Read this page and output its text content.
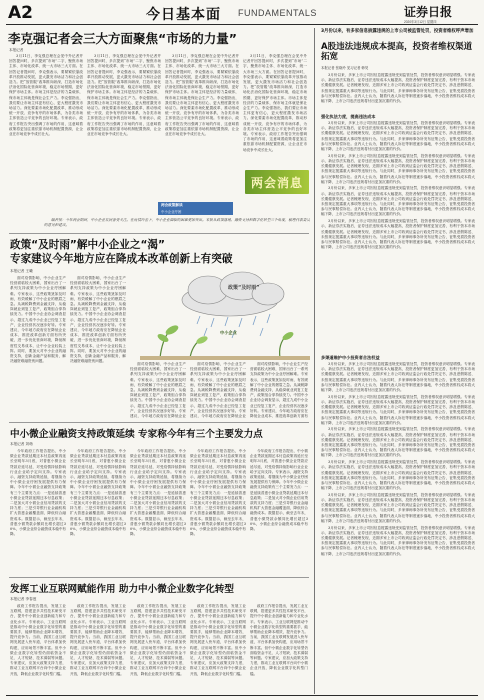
A2	今日基本面 FUNDAMENTALS	证券日报
2020年3月12日 星期四
李克强记者会三大方面聚焦“市场的力量”
本报记者

3月11日，李克强总理在会见中外记者并回答提问时，多次提到“市场”二字，聚焦市场主体、市场化改革、统一大市场三大方面。在回答记者提问时，李克强表示，要紧紧依靠改革开放推动发展，更大激发市场活力和社会创造力。把“放管服”改革推向纵深，打造市场化法治化国际化营商环境，稳定市场预期，更好保护市场主体。市场主体是经济的力量载体，保市场主体就是保社会生产力。李克强指出，我们要让市场主体更有信心，更大程度激发市场活力。深化要素市场化配置改革，推动形成统一开放、竞争有序的市场体系，为各类市场主体营造公平竞争的良好环境。专家表示，政府工作报告突出强调了市场的作用，这意味着政策将更加注重依靠市场机制配置资源，让企业在市场竞争中成长壮大。

3月11日，李克强总理在会见中外记者并回答提问时，多次提到“市场”二字，聚焦市场主体、市场化改革、统一大市场三大方面。在回答记者提问时，李克强表示，要紧紧依靠改革开放推动发展，更大激发市场活力和社会创造力。把“放管服”改革推向纵深，打造市场化法治化国际化营商环境，稳定市场预期，更好保护市场主体。市场主体是经济的力量载体，保市场主体就是保社会生产力。李克强指出，我们要让市场主体更有信心，更大程度激发市场活力。深化要素市场化配置改革，推动形成统一开放、竞争有序的市场体系，为各类市场主体营造公平竞争的良好环境。专家表示，政府工作报告突出强调了市场的作用，这意味着政策将更加注重依靠市场机制配置资源，让企业在市场竞争中成长壮大。

3月11日，李克强总理在会见中外记者并回答提问时，多次提到“市场”二字，聚焦市场主体、市场化改革、统一大市场三大方面。在回答记者提问时，李克强表示，要紧紧依靠改革开放推动发展，更大激发市场活力和社会创造力。把“放管服”改革推向纵深，打造市场化法治化国际化营商环境，稳定市场预期，更好保护市场主体。市场主体是经济的力量载体，保市场主体就是保社会生产力。李克强指出，我们要让市场主体更有信心，更大程度激发市场活力。深化要素市场化配置改革，推动形成统一开放、竞争有序的市场体系，为各类市场主体营造公平竞争的良好环境。专家表示，政府工作报告突出强调了市场的作用，这意味着政策将更加注重依靠市场机制配置资源，让企业在市场竞争中成长壮大。

3月11日，李克强总理在会见中外记者并回答提问时，多次提到“市场”二字，聚焦市场主体、市场化改革、统一大市场三大方面。在回答记者提问时，李克强表示，要紧紧依靠改革开放推动发展，更大激发市场活力和社会创造力。把“放管服”改革推向纵深，打造市场化法治化国际化营商环境，稳定市场预期，更好保护市场主体。市场主体是经济的力量载体，保市场主体就是保社会生产力。李克强指出，我们要让市场主体更有信心，更大程度激发市场活力。深化要素市场化配置改革，推动形成统一开放、竞争有序的市场体系，为各类市场主体营造公平竞争的良好环境。专家表示，政府工作报告突出强调了市场的作用，这意味着政策将更加注重依靠市场机制配置资源，让企业在市场竞争中成长壮大。

3月份以来，有多家信息披露违规的上市公司被监管处罚，投资者维权呼声增加
A股违法违规成本提高，投资者维权渠道拓宽
本报记者 张晓玲 见习记者 韩昊

3月份以来，多家上市公司因信息披露违规受到监管处罚，投资者维权意识明显增强。专家表示，新证券法实施后，证券违法违规成本大幅提高，投资者保护制度更加完善，有利于资本市场长期健康发展。记者梳理发现，近期多家上市公司收到证监会行政处罚决定书，涉及虚假陈述、未按规定披露重大事项等违规行为。与此同时，多家律师事务所发布征集公告，征集受损投资者参与民事赔偿诉讼。业内人士认为，随着代表人诉讼等制度逐步落地，中小投资者维权成本将大幅下降，上市公司违法违规将付出更加沉重的代价。

强化执法力度，提高违法成本

3月份以来，多家上市公司因信息披露违规受到监管处罚，投资者维权意识明显增强。专家表示，新证券法实施后，证券违法违规成本大幅提高，投资者保护制度更加完善，有利于资本市场长期健康发展。记者梳理发现，近期多家上市公司收到证监会行政处罚决定书，涉及虚假陈述、未按规定披露重大事项等违规行为。与此同时，多家律师事务所发布征集公告，征集受损投资者参与民事赔偿诉讼。业内人士认为，随着代表人诉讼等制度逐步落地，中小投资者维权成本将大幅下降，上市公司违法违规将付出更加沉重的代价。

3月份以来，多家上市公司因信息披露违规受到监管处罚，投资者维权意识明显增强。专家表示，新证券法实施后，证券违法违规成本大幅提高，投资者保护制度更加完善，有利于资本市场长期健康发展。记者梳理发现，近期多家上市公司收到证监会行政处罚决定书，涉及虚假陈述、未按规定披露重大事项等违规行为。与此同时，多家律师事务所发布征集公告，征集受损投资者参与民事赔偿诉讼。业内人士认为，随着代表人诉讼等制度逐步落地，中小投资者维权成本将大幅下降，上市公司违法违规将付出更加沉重的代价。

3月份以来，多家上市公司因信息披露违规受到监管处罚，投资者维权意识明显增强。专家表示，新证券法实施后，证券违法违规成本大幅提高，投资者保护制度更加完善，有利于资本市场长期健康发展。记者梳理发现，近期多家上市公司收到证监会行政处罚决定书，涉及虚假陈述、未按规定披露重大事项等违规行为。与此同时，多家律师事务所发布征集公告，征集受损投资者参与民事赔偿诉讼。业内人士认为，随着代表人诉讼等制度逐步落地，中小投资者维权成本将大幅下降，上市公司违法违规将付出更加沉重的代价。

3月份以来，多家上市公司因信息披露违规受到监管处罚，投资者维权意识明显增强。专家表示，新证券法实施后，证券违法违规成本大幅提高，投资者保护制度更加完善，有利于资本市场长期健康发展。记者梳理发现，近期多家上市公司收到证监会行政处罚决定书，涉及虚假陈述、未按规定披露重大事项等违规行为。与此同时，多家律师事务所发布征集公告，征集受损投资者参与民事赔偿诉讼。业内人士认为，随着代表人诉讼等制度逐步落地，中小投资者维权成本将大幅下降，上市公司违法违规将付出更加沉重的代价。

多渠道维护中小投资者合法权益

3月份以来，多家上市公司因信息披露违规受到监管处罚，投资者维权意识明显增强。专家表示，新证券法实施后，证券违法违规成本大幅提高，投资者保护制度更加完善，有利于资本市场长期健康发展。记者梳理发现，近期多家上市公司收到证监会行政处罚决定书，涉及虚假陈述、未按规定披露重大事项等违规行为。与此同时，多家律师事务所发布征集公告，征集受损投资者参与民事赔偿诉讼。业内人士认为，随着代表人诉讼等制度逐步落地，中小投资者维权成本将大幅下降，上市公司违法违规将付出更加沉重的代价。

3月份以来，多家上市公司因信息披露违规受到监管处罚，投资者维权意识明显增强。专家表示，新证券法实施后，证券违法违规成本大幅提高，投资者保护制度更加完善，有利于资本市场长期健康发展。记者梳理发现，近期多家上市公司收到证监会行政处罚决定书，涉及虚假陈述、未按规定披露重大事项等违规行为。与此同时，多家律师事务所发布征集公告，征集受损投资者参与民事赔偿诉讼。业内人士认为，随着代表人诉讼等制度逐步落地，中小投资者维权成本将大幅下降，上市公司违法违规将付出更加沉重的代价。

3月份以来，多家上市公司因信息披露违规受到监管处罚，投资者维权意识明显增强。专家表示，新证券法实施后，证券违法违规成本大幅提高，投资者保护制度更加完善，有利于资本市场长期健康发展。记者梳理发现，近期多家上市公司收到证监会行政处罚决定书，涉及虚假陈述、未按规定披露重大事项等违规行为。与此同时，多家律师事务所发布征集公告，征集受损投资者参与民事赔偿诉讼。业内人士认为，随着代表人诉讼等制度逐步落地，中小投资者维权成本将大幅下降，上市公司违法违规将付出更加沉重的代价。

3月份以来，多家上市公司因信息披露违规受到监管处罚，投资者维权意识明显增强。专家表示，新证券法实施后，证券违法违规成本大幅提高，投资者保护制度更加完善，有利于资本市场长期健康发展。记者梳理发现，近期多家上市公司收到证监会行政处罚决定书，涉及虚假陈述、未按规定披露重大事项等违规行为。与此同时，多家律师事务所发布征集公告，征集受损投资者参与民事赔偿诉讼。业内人士认为，随着代表人诉讼等制度逐步落地，中小投资者维权成本将大幅下降，上市公司违法违规将付出更加沉重的代价。

3月份以来，多家上市公司因信息披露违规受到监管处罚，投资者维权意识明显增强。专家表示，新证券法实施后，证券违法违规成本大幅提高，投资者保护制度更加完善，有利于资本市场长期健康发展。记者梳理发现，近期多家上市公司收到证监会行政处罚决定书，涉及虚假陈述、未按规定披露重大事项等违规行为。与此同时，多家律师事务所发布征集公告，征集受损投资者参与民事赔偿诉讼。业内人士认为，随着代表人诉讼等制度逐步落地，中小投资者维权成本将大幅下降，上市公司违法违规将付出更加沉重的代价。

3月份以来，多家上市公司因信息披露违规受到监管处罚，投资者维权意识明显增强。专家表示，新证券法实施后，证券违法违规成本大幅提高，投资者保护制度更加完善，有利于资本市场长期健康发展。记者梳理发现，近期多家上市公司收到证监会行政处罚决定书，涉及虚假陈述、未按规定披露重大事项等违规行为。与此同时，多家律师事务所发布征集公告，征集受损投资者参与民事赔偿诉讼。业内人士认为，随着代表人诉讼等制度逐步落地，中小投资者维权成本将大幅下降，上市公司违法违规将付出更加沉重的代价。

两会消息
两会政策解读
中小企业纾困

编者按：今年两会期间，中小企业发展备受关注。在疫情冲击下，中小企业面临的困难更加突出。本报从政策落地、融资支持和数字化转型三个角度，梳理代表委员的意见和建议。

政策“及时雨”解中小企业之“渴”
专家建议今年地方应在降成本改革创新上有突破
本报记者 王曦

面对疫情影响，中小企业生产经营面临较大困难，国家出台了一系列支持政策为中小企业纾困解难。专家表示，这些政策犹如及时雨，有效缓解了中小企业的燃眉之急。从减税降费到金融支持，从稳岗就业到复工复产，政策组合拳持续发力。中国中小企业协会调查显示，超过九成中小企业已经复工复产，企业经营状况逐步好转。专家建议，今年地方政府应在降低企业成本、推进改革创新方面有所突破，进一步优化营商环境，降低制度性交易成本，让中小企业轻装上阵。同时，要加大对中小企业的融资支持，创新金融产品和服务，解决融资难融资贵问题。

面对疫情影响，中小企业生产经营面临较大困难，国家出台了一系列支持政策为中小企业纾困解难。专家表示，这些政策犹如及时雨，有效缓解了中小企业的燃眉之急。从减税降费到金融支持，从稳岗就业到复工复产，政策组合拳持续发力。中国中小企业协会调查显示，超过九成中小企业已经复工复产，企业经营状况逐步好转。专家建议，今年地方政府应在降低企业成本、推进改革创新方面有所突破，进一步优化营商环境，降低制度性交易成本，让中小企业轻装上阵。同时，要加大对中小企业的融资支持，创新金融产品和服务，解决融资难融资贵问题。

政策“及时雨”
中小企业

面对疫情影响，中小企业生产经营面临较大困难，国家出台了一系列支持政策为中小企业纾困解难。专家表示，这些政策犹如及时雨，有效缓解了中小企业的燃眉之急。从减税降费到金融支持，从稳岗就业到复工复产，政策组合拳持续发力。中国中小企业协会调查显示，超过九成中小企业已经复工复产，企业经营状况逐步好转。专家建议，今年地方政府应在降低企业

面对疫情影响，中小企业生产经营面临较大困难，国家出台了一系列支持政策为中小企业纾困解难。专家表示，这些政策犹如及时雨，有效缓解了中小企业的燃眉之急。从减税降费到金融支持，从稳岗就业到复工复产，政策组合拳持续发力。中国中小企业协会调查显示，超过九成中小企业已经复工复产，企业经营状况逐步好转。专家建议，今年地方政府应在降低企业

面对疫情影响，中小企业生产经营面临较大困难，国家出台了一系列支持政策为中小企业纾困解难。专家表示，这些政策犹如及时雨，有效缓解了中小企业的燃眉之急。从减税降费到金融支持，从稳岗就业到复工复产，政策组合拳持续发力。中国中小企业协会调查显示，超过九成中小企业已经复工复产，企业经营状况逐步好转。专家建议，今年地方政府应在降低企业成本、推进改革创新方面有

中小微企业融资支持政策延续 专家称今年有三个主要发力点
本报记者 刘萌

今年政府工作报告提出，中小微企业贷款延期还本付息政策再延长至明年3月底，对普惠小微企业贷款应延尽延，对受疫情持续影响行业企业给予定向支持。专家表示，融资支持政策延续，将继续为中小微企业纾困发展提供有力保障。今年中小微企业融资支持政策有三个主要发力点：一是延续普惠小微企业贷款延期还本付息政策；二是加大对小微企业信用贷款的支持力度；三是引导银行业金融机构扩大普惠金融覆盖面，降低综合融资成本。数据显示，截至去年末，普惠小微贷款余额同比增长超过30%，小微企业综合融资成本稳中有降。

今年政府工作报告提出，中小微企业贷款延期还本付息政策再延长至明年3月底，对普惠小微企业贷款应延尽延，对受疫情持续影响行业企业给予定向支持。专家表示，融资支持政策延续，将继续为中小微企业纾困发展提供有力保障。今年中小微企业融资支持政策有三个主要发力点：一是延续普惠小微企业贷款延期还本付息政策；二是加大对小微企业信用贷款的支持力度；三是引导银行业金融机构扩大普惠金融覆盖面，降低综合融资成本。数据显示，截至去年末，普惠小微贷款余额同比增长超过30%，小微企业综合融资成本稳中有降。

今年政府工作报告提出，中小微企业贷款延期还本付息政策再延长至明年3月底，对普惠小微企业贷款应延尽延，对受疫情持续影响行业企业给予定向支持。专家表示，融资支持政策延续，将继续为中小微企业纾困发展提供有力保障。今年中小微企业融资支持政策有三个主要发力点：一是延续普惠小微企业贷款延期还本付息政策；二是加大对小微企业信用贷款的支持力度；三是引导银行业金融机构扩大普惠金融覆盖面，降低综合融资成本。数据显示，截至去年末，普惠小微贷款余额同比增长超过30%，小微企业综合融资成本稳中有降。

今年政府工作报告提出，中小微企业贷款延期还本付息政策再延长至明年3月底，对普惠小微企业贷款应延尽延，对受疫情持续影响行业企业给予定向支持。专家表示，融资支持政策延续，将继续为中小微企业纾困发展提供有力保障。今年中小微企业融资支持政策有三个主要发力点：一是延续普惠小微企业贷款延期还本付息政策；二是加大对小微企业信用贷款的支持力度；三是引导银行业金融机构扩大普惠金融覆盖面，降低综合融资成本。数据显示，截至去年末，普惠小微贷款余额同比增长超过30%，小微企业综合融资成本稳中有降。

今年政府工作报告提出，中小微企业贷款延期还本付息政策再延长至明年3月底，对普惠小微企业贷款应延尽延，对受疫情持续影响行业企业给予定向支持。专家表示，融资支持政策延续，将继续为中小微企业纾困发展提供有力保障。今年中小微企业融资支持政策有三个主要发力点：一是延续普惠小微企业贷款延期还本付息政策；二是加大对小微企业信用贷款的支持力度；三是引导银行业金融机构扩大普惠金融覆盖面，降低综合融资成本。数据显示，截至去年末，普惠小微贷款余额同比增长超过30%，小微企业综合融资成本稳中有降。

发挥工业互联网赋能作用 助力中小微企业数字化转型
本报记者 李春莲

政府工作报告提出，发展工业互联网，搭建更多共性技术研发平台，提升中小微企业创新能力和专业化水平。专家表示，工业互联网是推动中小微企业数字化转型的重要抓手，能够帮助企业降本增效，提升竞争力。当前，我国工业互联网发展进入快车道，平台体系加快构建，应用场景不断丰富。但中小微企业数字化转型仍面临资金不足、人才短缺、技术薄弱等问题。专家建议，应加大政策支持力度，推动工业互联网平台向中小微企业开放，降低企业数字化转型门槛。

政府工作报告提出，发展工业互联网，搭建更多共性技术研发平台，提升中小微企业创新能力和专业化水平。专家表示，工业互联网是推动中小微企业数字化转型的重要抓手，能够帮助企业降本增效，提升竞争力。当前，我国工业互联网发展进入快车道，平台体系加快构建，应用场景不断丰富。但中小微企业数字化转型仍面临资金不足、人才短缺、技术薄弱等问题。专家建议，应加大政策支持力度，推动工业互联网平台向中小微企业开放，降低企业数字化转型门槛。

政府工作报告提出，发展工业互联网，搭建更多共性技术研发平台，提升中小微企业创新能力和专业化水平。专家表示，工业互联网是推动中小微企业数字化转型的重要抓手，能够帮助企业降本增效，提升竞争力。当前，我国工业互联网发展进入快车道，平台体系加快构建，应用场景不断丰富。但中小微企业数字化转型仍面临资金不足、人才短缺、技术薄弱等问题。专家建议，应加大政策支持力度，推动工业互联网平台向中小微企业开放，降低企业数字化转型门槛。

政府工作报告提出，发展工业互联网，搭建更多共性技术研发平台，提升中小微企业创新能力和专业化水平。专家表示，工业互联网是推动中小微企业数字化转型的重要抓手，能够帮助企业降本增效，提升竞争力。当前，我国工业互联网发展进入快车道，平台体系加快构建，应用场景不断丰富。但中小微企业数字化转型仍面临资金不足、人才短缺、技术薄弱等问题。专家建议，应加大政策支持力度，推动工业互联网平台向中小微企业开放，降低企业数字化转型门槛。

政府工作报告提出，发展工业互联网，搭建更多共性技术研发平台，提升中小微企业创新能力和专业化水平。专家表示，工业互联网是推动中小微企业数字化转型的重要抓手，能够帮助企业降本增效，提升竞争力。当前，我国工业互联网发展进入快车道，平台体系加快构建，应用场景不断丰富。但中小微企业数字化转型仍面临资金不足、人才短缺、技术薄弱等问题。专家建议，应加大政策支持力度，推动工业互联网平台向中小微企业开放，降低企业数字化转型门槛。
